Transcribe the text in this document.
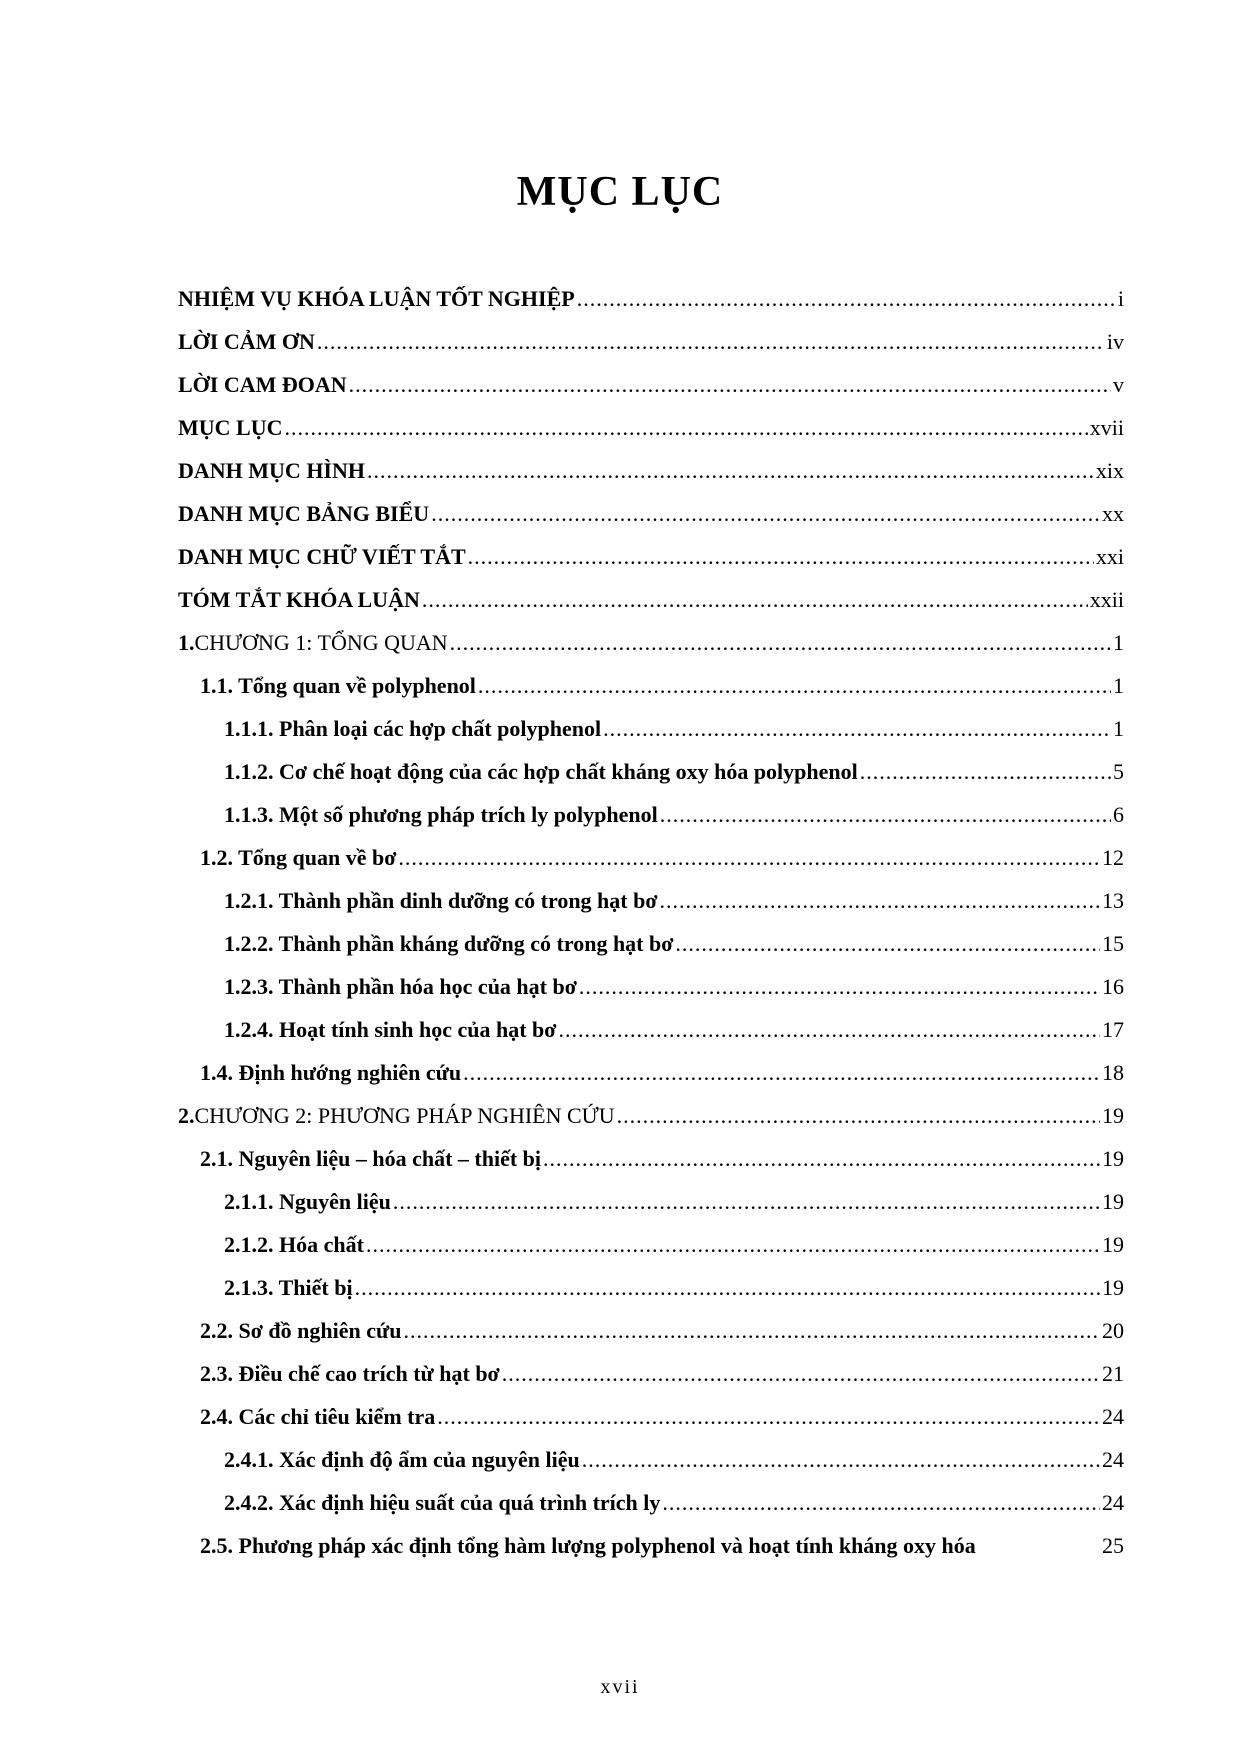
MỤC LỤC
NHIỆM VỤ KHÓA LUẬN TỐT NGHIỆP .....	i
LỜI CẢM ƠN .....	iv
LỜI CAM ĐOAN .....	v
MỤC LỤC .....	xvii
DANH MỤC HÌNH .....	xix
DANH MỤC BẢNG BIỂU .....	xx
DANH MỤC CHỮ VIẾT TẮT .....	xxi
TÓM TẮT KHÓA LUẬN .....	xxii
1. CHƯƠNG 1: TỔNG QUAN .....	1
1.1. Tổng quan về polyphenol .....	1
1.1.1. Phân loại các hợp chất polyphenol .....	1
1.1.2. Cơ chế hoạt động của các hợp chất kháng oxy hóa polyphenol .....	5
1.1.3. Một số phương pháp trích ly polyphenol .....	6
1.2. Tổng quan về bơ .....	12
1.2.1. Thành phần dinh dưỡng có trong hạt bơ .....	13
1.2.2. Thành phần kháng dưỡng có trong hạt bơ .....	15
1.2.3. Thành phần hóa học của hạt bơ .....	16
1.2.4. Hoạt tính sinh học của hạt bơ .....	17
1.4. Định hướng nghiên cứu .....	18
2. CHƯƠNG 2: PHƯƠNG PHÁP NGHIÊN CỨU .....	19
2.1. Nguyên liệu – hóa chất – thiết bị .....	19
2.1.1. Nguyên liệu .....	19
2.1.2. Hóa chất .....	19
2.1.3. Thiết bị .....	19
2.2. Sơ đồ nghiên cứu .....	20
2.3. Điều chế cao trích từ hạt bơ .....	21
2.4. Các chỉ tiêu kiểm tra .....	24
2.4.1. Xác định độ ẩm của nguyên liệu .....	24
2.4.2. Xác định hiệu suất của quá trình trích ly .....	24
2.5. Phương pháp xác định tổng hàm lượng polyphenol và hoạt tính kháng oxy hóa	25
xvii
